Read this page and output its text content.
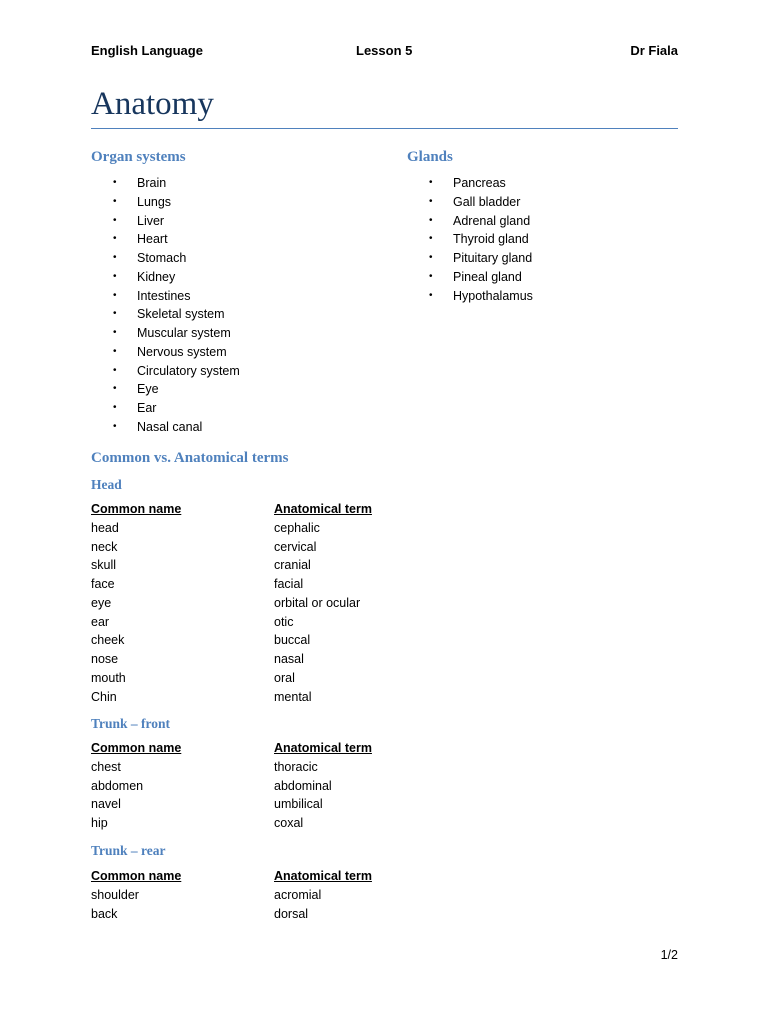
English Language	Lesson 5	Dr Fiala
Anatomy
Organ systems
• Brain
• Lungs
• Liver
• Heart
• Stomach
• Kidney
• Intestines
• Skeletal system
• Muscular system
• Nervous system
• Circulatory system
• Eye
• Ear
• Nasal canal
Glands
• Pancreas
• Gall bladder
• Adrenal gland
• Thyroid gland
• Pituitary gland
• Pineal gland
• Hypothalamus
Common vs. Anatomical terms
Head
Common name	Anatomical term
head	cephalic
neck	cervical
skull	cranial
face	facial
eye	orbital or ocular
ear	otic
cheek	buccal
nose	nasal
mouth	oral
Chin	mental
Trunk – front
Common name	Anatomical term
chest	thoracic
abdomen	abdominal
navel	umbilical
hip	coxal
Trunk – rear
Common name	Anatomical term
shoulder	acromial
back	dorsal
1/2
